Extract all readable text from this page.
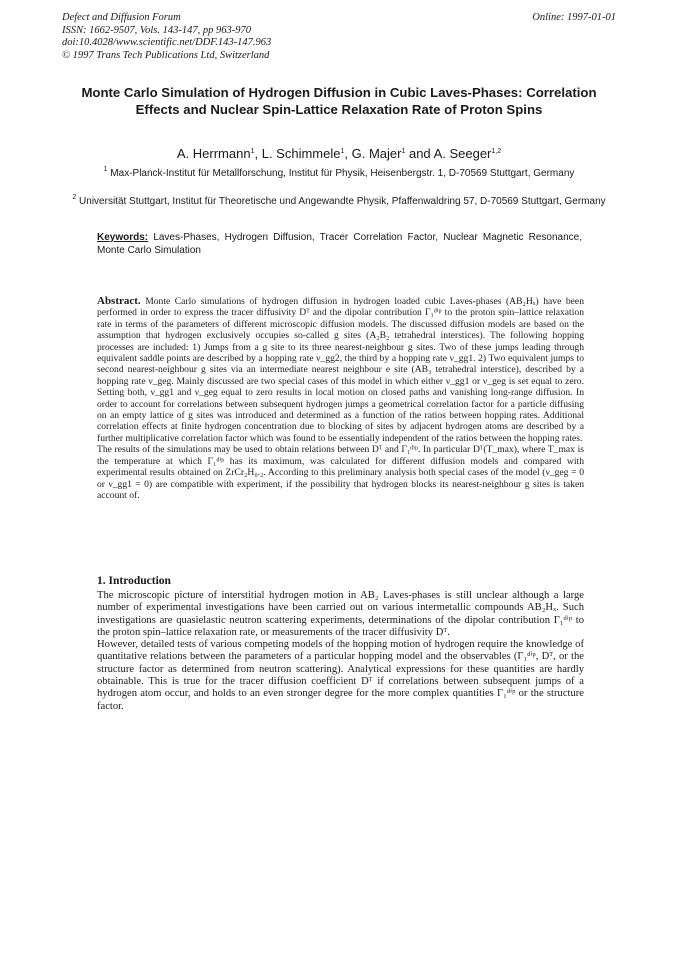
Defect and Diffusion Forum
ISSN: 1662-9507, Vols. 143-147, pp 963-970
doi:10.4028/www.scientific.net/DDF.143-147.963
© 1997 Trans Tech Publications Ltd, Switzerland
Online: 1997-01-01
Monte Carlo Simulation of Hydrogen Diffusion in Cubic Laves-Phases: Correlation Effects and Nuclear Spin-Lattice Relaxation Rate of Proton Spins
A. Herrmann$^1$, L. Schimmele$^1$, G. Majer$^1$ and A. Seeger$^{1,2}$
$^1$ Max-Planck-Institut für Metallforschung, Institut für Physik, Heisenbergstr. 1, D-70569 Stuttgart, Germany
$^2$ Universität Stuttgart, Institut für Theoretische und Angewandte Physik, Pfaffenwaldring 57, D-70569 Stuttgart, Germany
Keywords: Laves-Phases, Hydrogen Diffusion, Tracer Correlation Factor, Nuclear Magnetic Resonance, Monte Carlo Simulation

Abstract. Monte Carlo simulations of hydrogen diffusion in hydrogen loaded cubic Laves-phases (AB₂Hₓ) have been performed in order to express the tracer diffusivity Dᵀ and the dipolar contribution Γ₁ᵈⁱᵖ to the proton spin–lattice relaxation rate in terms of the parameters of different microscopic diffusion models. The discussed diffusion models are based on the assumption that hydrogen exclusively occupies so-called g sites (A₂B₂ tetrahedral interstices). The following hopping processes are included: 1) Jumps from a g site to its three nearest-neighbour g sites. Two of these jumps leading through equivalent saddle points are described by a hopping rate ν_gg2, the third by a hopping rate ν_gg1. 2) Two equivalent jumps to second nearest-neighbour g sites via an intermediate nearest neighbour e site (AB₃ tetrahedral interstice), described by a hopping rate ν_geg. Mainly discussed are two special cases of this model in which either ν_gg1 or ν_geg is set equal to zero. Setting both, ν_gg1 and ν_geg equal to zero results in local motion on closed paths and vanishing long-range diffusion. In order to account for correlations between subsequent hydrogen jumps a geometrical correlation factor for a particle diffusing on an empty lattice of g sites was introduced and determined as a function of the ratios between hopping rates. Additional correlation effects at finite hydrogen concentration due to blocking of sites by adjacent hydrogen atoms are described by a further multiplicative correlation factor which was found to be essentially independent of the ratios between the hopping rates.

The results of the simulations may be used to obtain relations between Dᵀ and Γ₁ᵈⁱᵖ. In particular Dᵀ(T_max), where T_max is the temperature at which Γ₁ᵈⁱᵖ has its maximum, was calculated for different diffusion models and compared with experimental results obtained on ZrCr₂H₀.₂. According to this preliminary analysis both special cases of the model (ν_geg = 0 or ν_gg1 = 0) are compatible with experiment, if the possibility that hydrogen blocks its nearest-neighbour g sites is taken account of.

1. Introduction

The microscopic picture of interstitial hydrogen motion in AB₂ Laves-phases is still unclear although a large number of experimental investigations have been carried out on various intermetallic compounds AB₂Hₓ. Such investigations are quasielastic neutron scattering experiments, determinations of the dipolar contribution Γ₁ᵈⁱᵖ to the proton spin–lattice relaxation rate, or measurements of the tracer diffusivity Dᵀ.

However, detailed tests of various competing models of the hopping motion of hydrogen require the knowledge of quantitative relations between the parameters of a particular hopping model and the observables (Γ₁ᵈⁱᵖ, Dᵀ, or the structure factor as determined from neutron scattering). Analytical expressions for these quantities are hardly obtainable. This is true for the tracer diffusion coefficient Dᵀ if correlations between subsequent jumps of a hydrogen atom occur, and holds to an even stronger degree for the more complex quantities Γ₁ᵈⁱᵖ or the structure factor.
